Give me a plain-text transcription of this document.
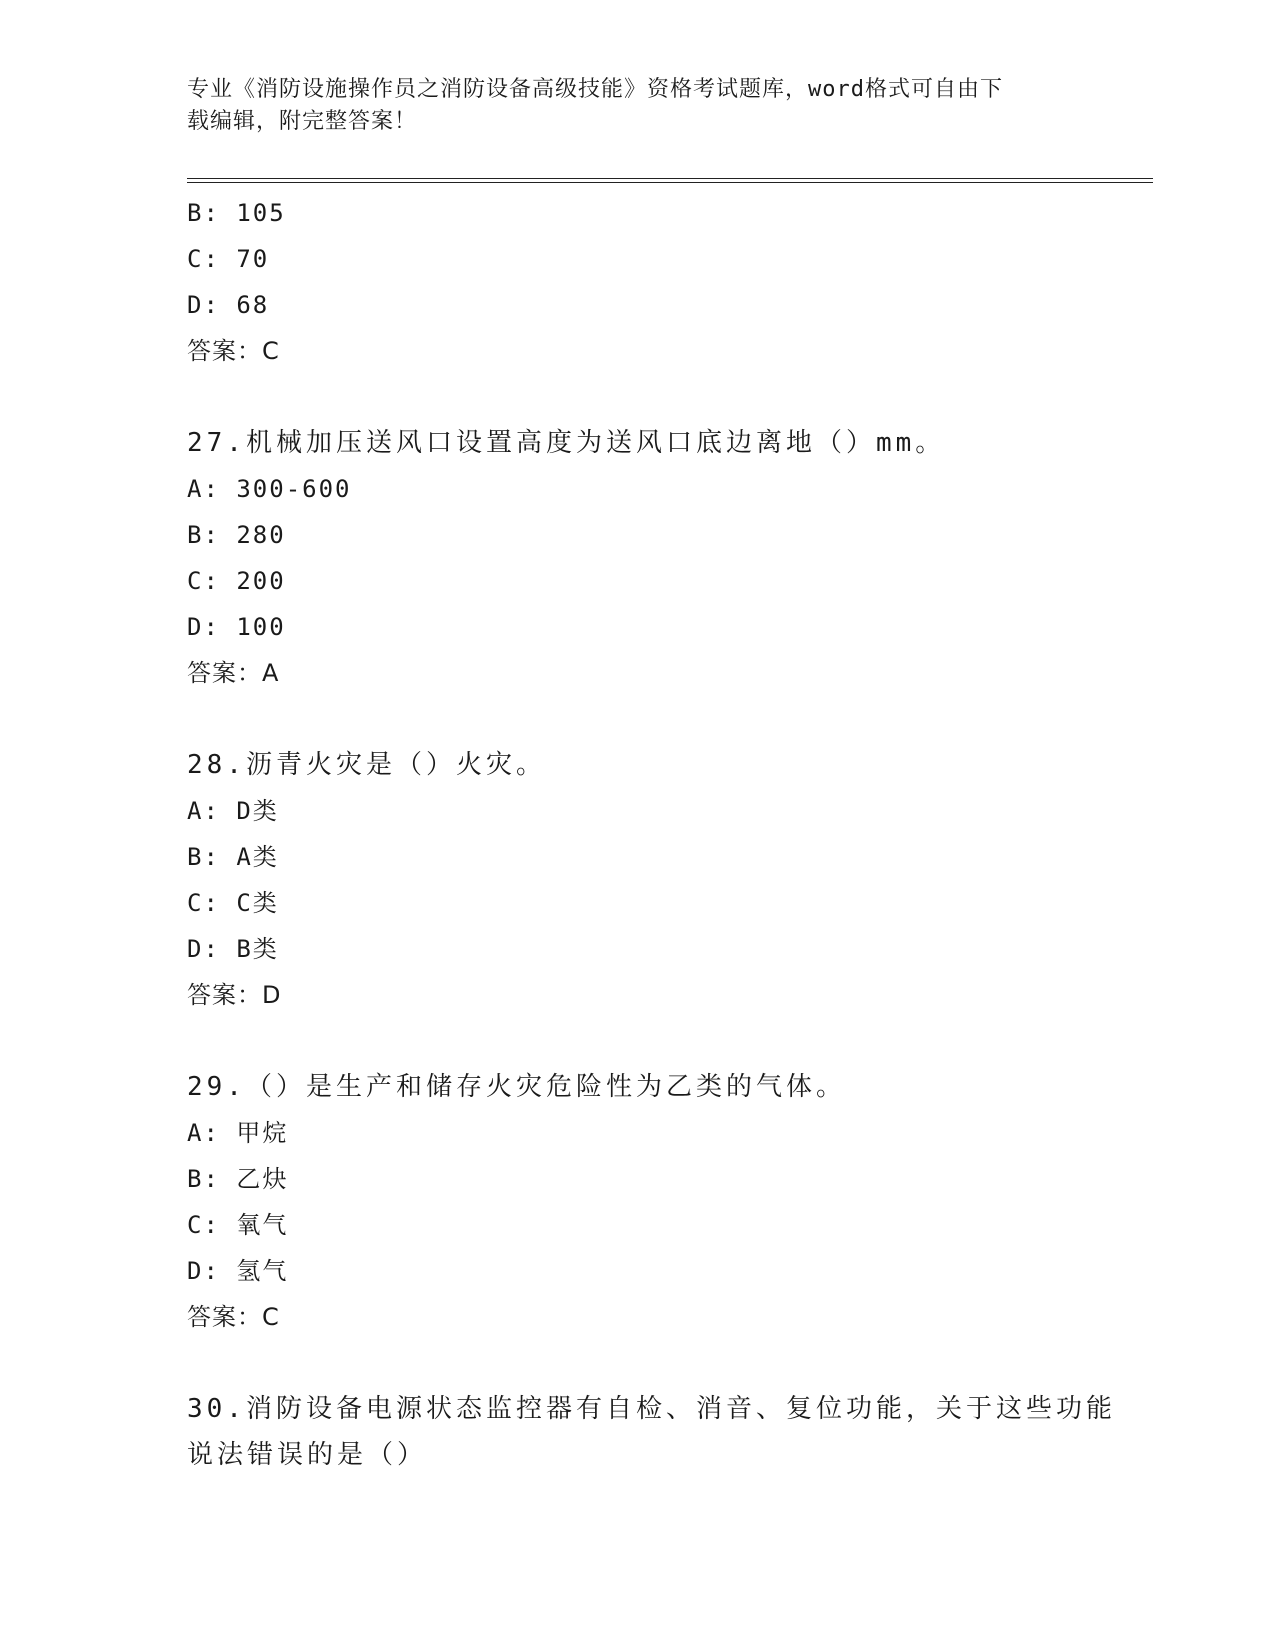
专业《消防设施操作员之消防设备高级技能》资格考试题库，word格式可自由下
载编辑，附完整答案！
B: 105
C: 70
D: 68
答案：C
27.机械加压送风口设置高度为送风口底边离地（）mm。
A: 300-600
B: 280
C: 200
D: 100
答案：A
28.沥青火灾是（）火灾。
A: D类
B: A类
C: C类
D: B类
答案：D
29.（）是生产和储存火灾危险性为乙类的气体。
A: 甲烷
B: 乙炔
C: 氧气
D: 氢气
答案：C
30.消防设备电源状态监控器有自检、消音、复位功能，关于这些功能
说法错误的是（）
